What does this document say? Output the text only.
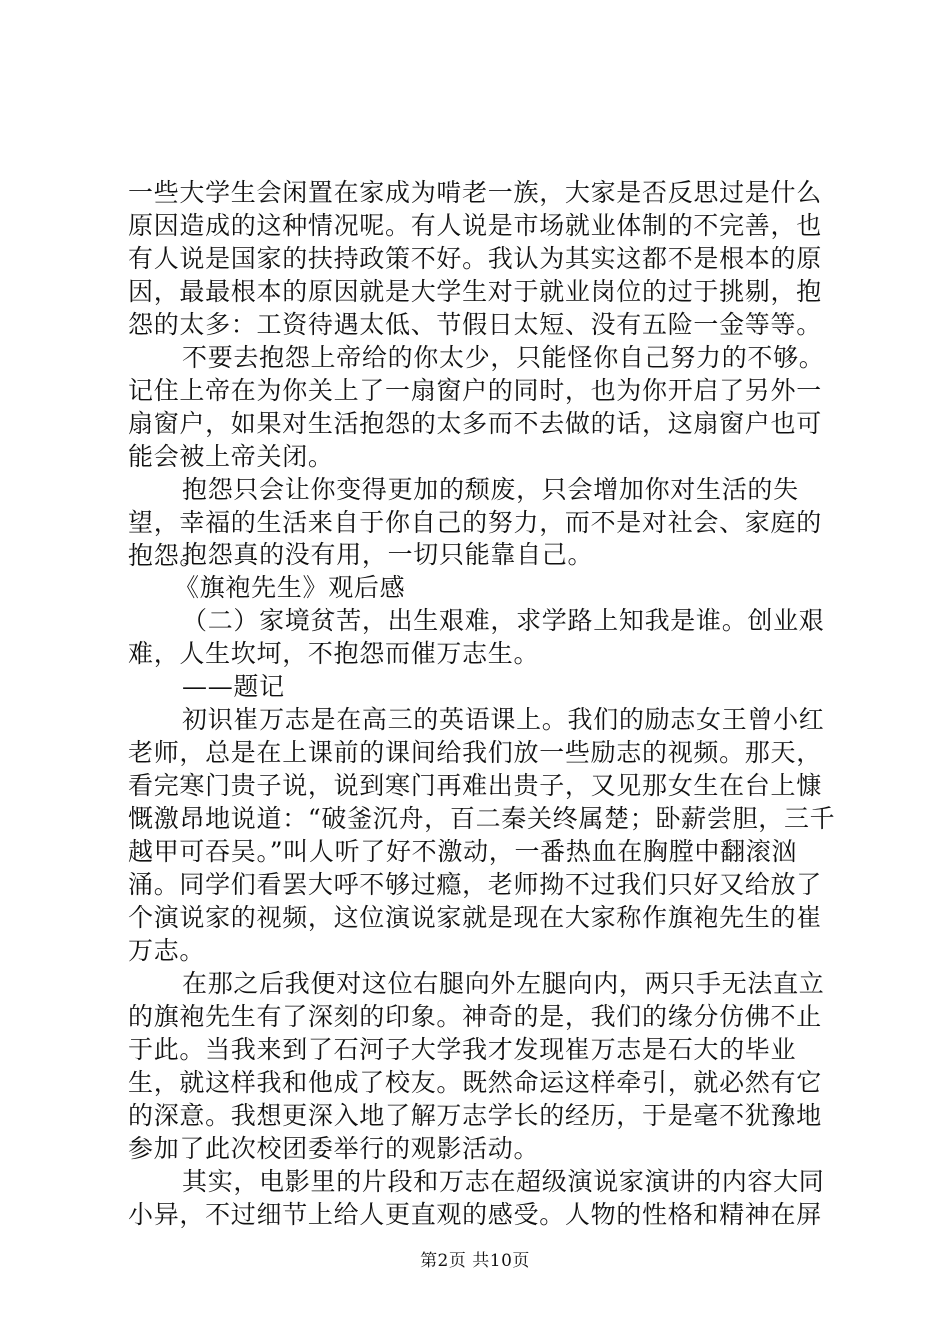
一些大学生会闲置在家成为啃老一族，大家是否反思过是什么原因造成的这种情况呢。有人说是市场就业体制的不完善，也有人说是国家的扶持政策不好。我认为其实这都不是根本的原因，最最根本的原因就是大学生对于就业岗位的过于挑剔，抱怨的太多：工资待遇太低、节假日太短、没有五险一金等等。

不要去抱怨上帝给的你太少，只能怪你自己努力的不够。记住上帝在为你关上了一扇窗户的同时，也为你开启了另外一扇窗户，如果对生活抱怨的太多而不去做的话，这扇窗户也可能会被上帝关闭。

抱怨只会让你变得更加的颓废，只会增加你对生活的失望，幸福的生活来自于你自己的努力，而不是对社会、家庭的抱怨。

抱怨真的没有用，一切只能靠自己。

《旗袍先生》观后感

（二）家境贫苦，出生艰难，求学路上知我是谁。创业艰难，人生坎坷，不抱怨而催万志生。

——题记

初识崔万志是在高三的英语课上。我们的励志女王曾小红老师，总是在上课前的课间给我们放一些励志的视频。那天，看完寒门贵子说，说到寒门再难出贵子，又见那女生在台上慷慨激昂地说道：“破釜沉舟，百二秦关终属楚；卧薪尝胆，三千越甲可吞吴。”叫人听了好不激动，一番热血在胸膛中翻滚汹涌。同学们看罢大呼不够过瘾，老师拗不过我们只好又给放了个演说家的视频，这位演说家就是现在大家称作旗袍先生的崔万志。

在那之后我便对这位右腿向外左腿向内，两只手无法直立的旗袍先生有了深刻的印象。神奇的是，我们的缘分仿佛不止于此。当我来到了石河子大学我才发现崔万志是石大的毕业生，就这样我和他成了校友。既然命运这样牵引，就必然有它的深意。我想更深入地了解万志学长的经历，于是毫不犹豫地参加了此次校团委举行的观影活动。

其实，电影里的片段和万志在超级演说家演讲的内容大同小异，不过细节上给人更直观的感受。人物的性格和精神在屏

第2页 共10页
